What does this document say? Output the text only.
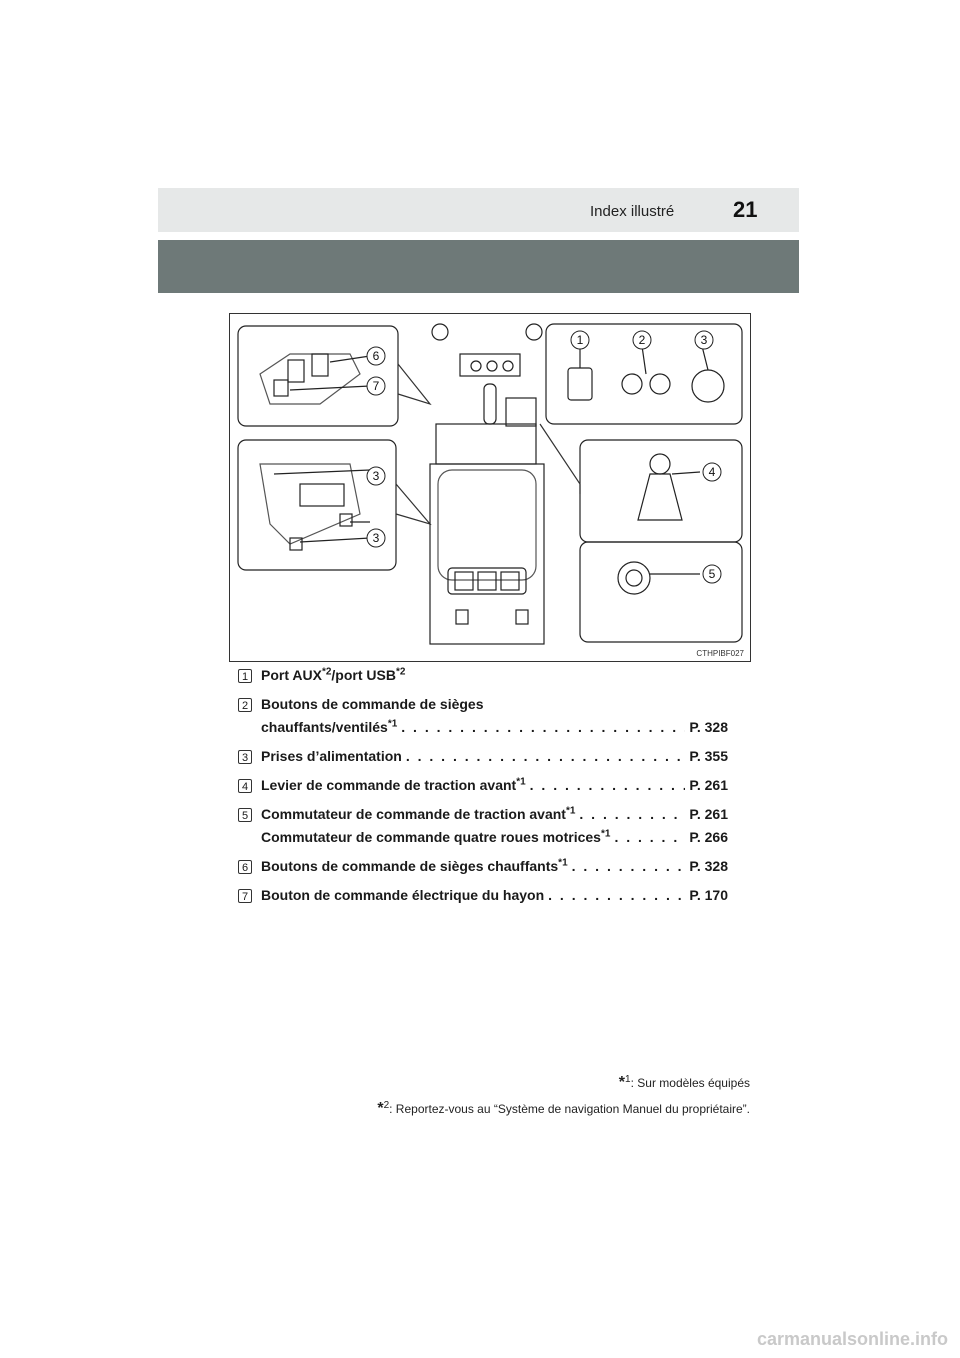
Index illustré	21
6
7
3
3
1	2	3
4
5
CTHPIBF027
1 Port AUX$^{*2}$/port USB$^{*2}$
2 Boutons de commande de sièges
chauffants/ventilés$^{*1}$ . . .	P. 328
3 Prises d’alimentation . . .	P. 355
4 Levier de commande de traction avant$^{*1}$ . . .	P. 261
5 Commutateur de commande de traction avant$^{*1}$ . . .	P. 261
Commutateur de commande quatre roues motrices$^{*1}$ . . .	P. 266
6 Boutons de commande de sièges chauffants$^{*1}$ . . .	P. 328
7 Bouton de commande électrique du hayon . . .	P. 170
*$^1$: Sur modèles équipés
*$^2$: Reportez-vous au “Système de navigation Manuel du propriétaire”.
carmanualsonline.info
